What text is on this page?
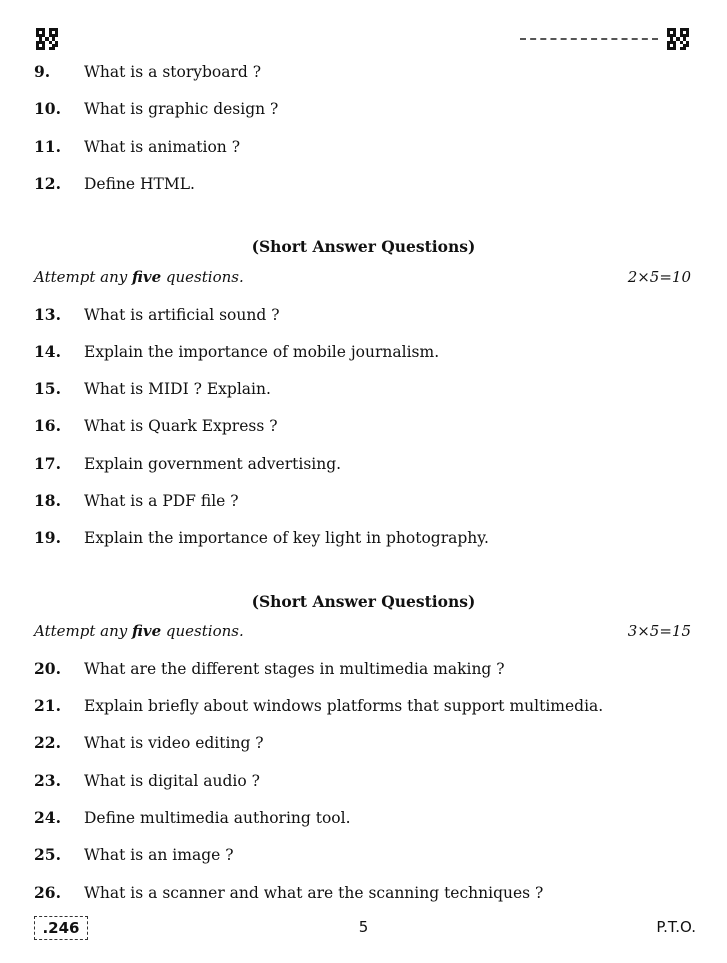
9. What is a storyboard ?
10. What is graphic design ?
11. What is animation ?
12. Define HTML.
(Short Answer Questions)
Attempt any five questions.	2×5=10
13. What is artificial sound ?
14. Explain the importance of mobile journalism.
15. What is MIDI ? Explain.
16. What is Quark Express ?
17. Explain government advertising.
18. What is a PDF file ?
19. Explain the importance of key light in photography.
(Short Answer Questions)
Attempt any five questions.	3×5=15
20. What are the different stages in multimedia making ?
21. Explain briefly about windows platforms that support multimedia.
22. What is video editing ?
23. What is digital audio ?
24. Define multimedia authoring tool.
25. What is an image ?
26. What is a scanner and what are the scanning techniques ?
.246	5	P.T.O.
